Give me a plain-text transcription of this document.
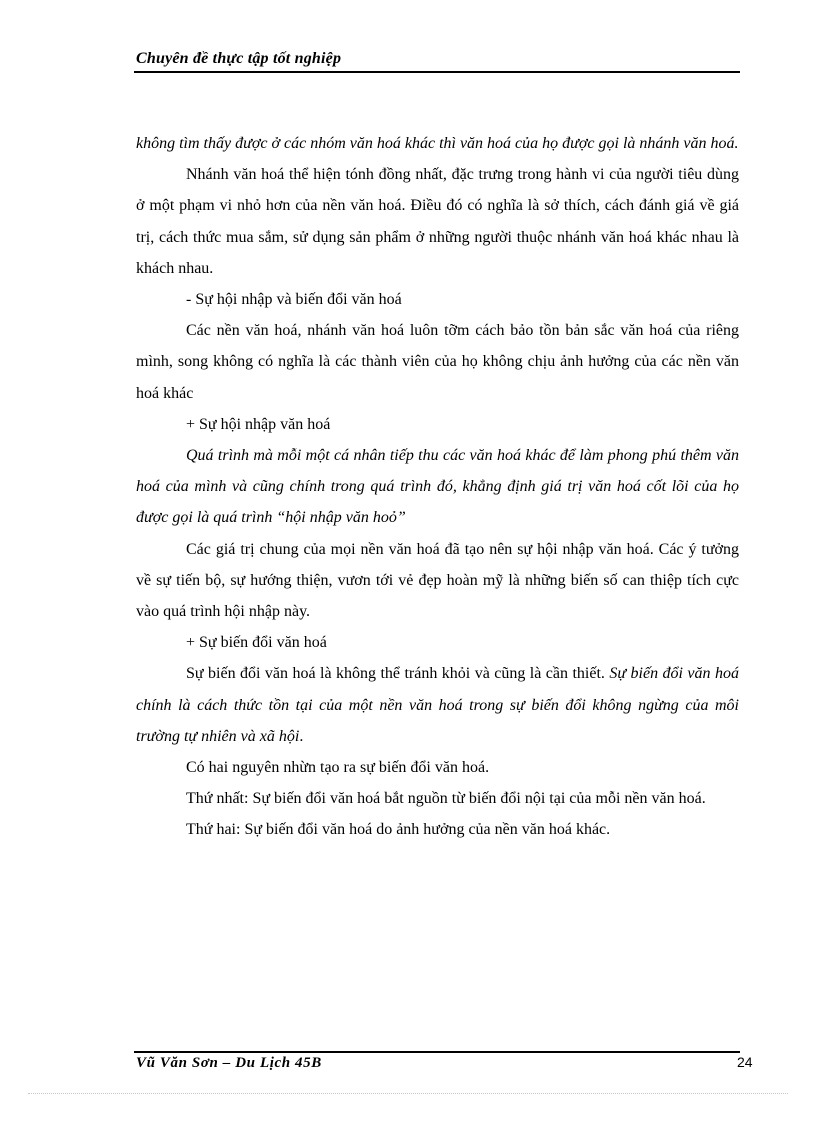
Chuyên đề thực tập tốt nghiệp

không tìm thấy được ở các nhóm văn hoá khác thì văn hoá của họ được gọi là nhánh văn hoá.

Nhánh văn hoá thể hiện tónh đồng nhất, đặc trưng trong hành vi của người tiêu dùng ở một phạm vi nhỏ hơn của nền văn hoá. Điều đó có nghĩa là sở thích, cách đánh giá về giá trị, cách thức mua sắm, sử dụng sản phẩm ở những người thuộc nhánh văn hoá khác nhau là khách nhau.

- Sự hội nhập và biến đổi văn hoá

Các nền văn hoá, nhánh văn hoá luôn tỡm cách bảo tồn bản sắc văn hoá của riêng mình, song không có nghĩa là các thành viên của họ không chịu ảnh hưởng của các nền văn hoá khác

+ Sự hội nhập văn hoá

Quá trình mà mỗi một cá nhân tiếp thu các văn hoá khác để làm phong phú thêm văn hoá của mình và cũng chính trong quá trình đó, khẳng định giá trị văn hoá cốt lõi của họ được gọi là quá trình “hội nhập văn hoỏ”

Các giá trị chung của mọi nền văn hoá đã tạo nên sự hội nhập văn hoá. Các ý tưởng về sự tiến bộ, sự hướng thiện, vươn tới vẻ đẹp hoàn mỹ là những biến số can thiệp tích cực vào quá trình hội nhập này.

+ Sự biến đổi văn hoá

Sự biến đổi văn hoá là không thể tránh khỏi và cũng là cần thiết. Sự biến đổi văn hoá chính là cách thức tồn tại của một nền văn hoá trong sự biến đổi không ngừng của môi trường tự nhiên và xã hội.

Có hai nguyên nhừn tạo ra sự biến đổi văn hoá.

Thứ nhất: Sự biến đổi văn hoá bắt nguồn từ biến đổi nội tại của mỗi nền văn hoá.

Thứ hai: Sự biến đổi văn hoá do ảnh hưởng của nền văn hoá khác.

Vũ Văn Sơn – Du Lịch 45B	24
